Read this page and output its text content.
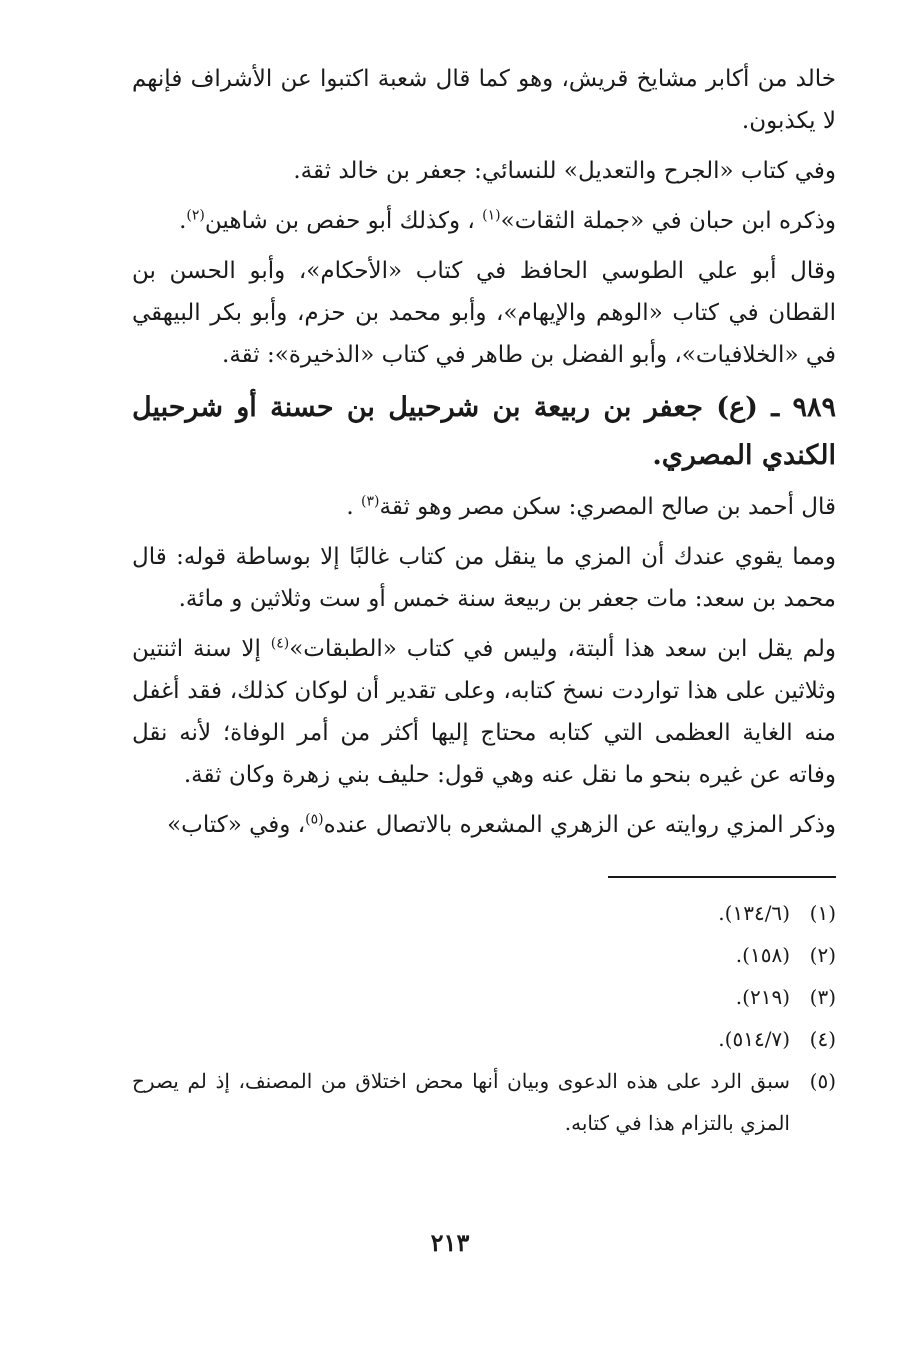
خالد من أكابر مشايخ قريش، وهو كما قال شعبة اكتبوا عن الأشراف فإنهم لا يكذبون.

وفي كتاب «الجرح والتعديل» للنسائي: جعفر بن خالد ثقة.

وذكره ابن حبان في «جملة الثقات»$^{(١)}$ ، وكذلك أبو حفص بن شاهين$^{(٢)}$.

وقال أبو علي الطوسي الحافظ في كتاب «الأحكام»، وأبو الحسن بن القطان في كتاب «الوهم والإيهام»، وأبو محمد بن حزم، وأبو بكر البيهقي في «الخلافيات»، وأبو الفضل بن طاهر في كتاب «الذخيرة»: ثقة.

٩٨٩ ـ (ع) جعفر بن ربيعة بن شرحبيل بن حسنة أو شرحبيل الكندي المصري.

قال أحمد بن صالح المصري: سكن مصر وهو ثقة$^{(٣)}$ .

ومما يقوي عندك أن المزي ما ينقل من كتاب غالبًا إلا بوساطة قوله: قال محمد بن سعد: مات جعفر بن ربيعة سنة خمس أو ست وثلاثين و مائة.

ولم يقل ابن سعد هذا ألبتة، وليس في كتاب «الطبقات»$^{(٤)}$ إلا سنة اثنتين وثلاثين على هذا تواردت نسخ كتابه، وعلى تقدير أن لوكان كذلك، فقد أغفل منه الغاية العظمى التي كتابه محتاج إليها أكثر من أمر الوفاة؛ لأنه نقل وفاته عن غيره بنحو ما نقل عنه وهي قول: حليف بني زهرة وكان ثقة.

وذكر المزي روايته عن الزهري المشعره بالاتصال عنده$^{(٥)}$، وفي «كتاب»

(١)
(١٣٤/٦).
(٢)
(١٥٨).
(٣)
(٢١٩).
(٤)
(٥١٤/٧).
(٥)
سبق الرد على هذه الدعوى وبيان أنها محض اختلاق من المصنف، إذ لم يصرح المزي بالتزام هذا في كتابه.
٢١٣
